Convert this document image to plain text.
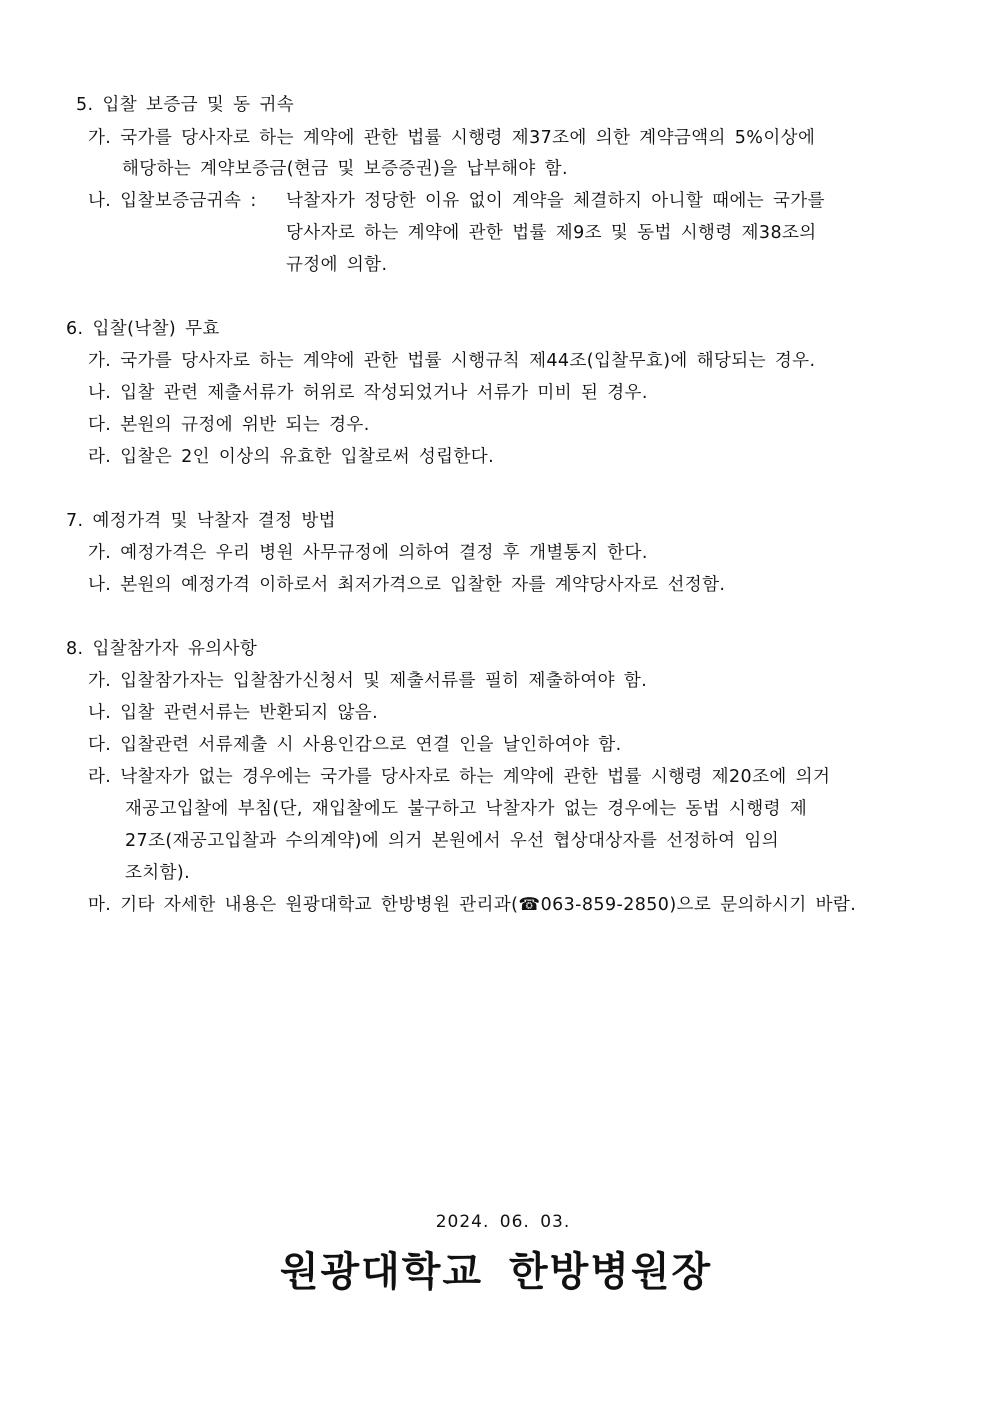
5. 입찰 보증금 및 동 귀속
가. 국가를 당사자로 하는 계약에 관한 법률 시행령 제37조에 의한 계약금액의 5%이상에
해당하는 계약보증금(현금 및 보증증권)을 납부해야 함.
나. 입찰보증금귀속 : 낙찰자가 정당한 이유 없이 계약을 체결하지 아니할 때에는 국가를
당사자로 하는 계약에 관한 법률 제9조 및 동법 시행령 제38조의
규정에 의함.
6. 입찰(낙찰) 무효
가. 국가를 당사자로 하는 계약에 관한 법률 시행규칙 제44조(입찰무효)에 해당되는 경우.
나. 입찰 관련 제출서류가 허위로 작성되었거나 서류가 미비 된 경우.
다. 본원의 규정에 위반 되는 경우.
라. 입찰은 2인 이상의 유효한 입찰로써 성립한다.
7. 예정가격 및 낙찰자 결정 방법
가. 예정가격은 우리 병원 사무규정에 의하여 결정 후 개별통지 한다.
나. 본원의 예정가격 이하로서 최저가격으로 입찰한 자를 계약당사자로 선정함.
8. 입찰참가자 유의사항
가. 입찰참가자는 입찰참가신청서 및 제출서류를 필히 제출하여야 함.
나. 입찰 관련서류는 반환되지 않음.
다. 입찰관련 서류제출 시 사용인감으로 연결 인을 날인하여야 함.
라. 낙찰자가 없는 경우에는 국가를 당사자로 하는 계약에 관한 법률 시행령 제20조에 의거
재공고입찰에 부침(단, 재입찰에도 불구하고 낙찰자가 없는 경우에는 동법 시행령 제
27조(재공고입찰과 수의계약)에 의거 본원에서 우선 협상대상자를 선정하여 임의
조치함).
마. 기타 자세한 내용은 원광대학교 한방병원 관리과(☎063-859-2850)으로 문의하시기 바람.
2024. 06. 03.
원광대학교 한방병원장
